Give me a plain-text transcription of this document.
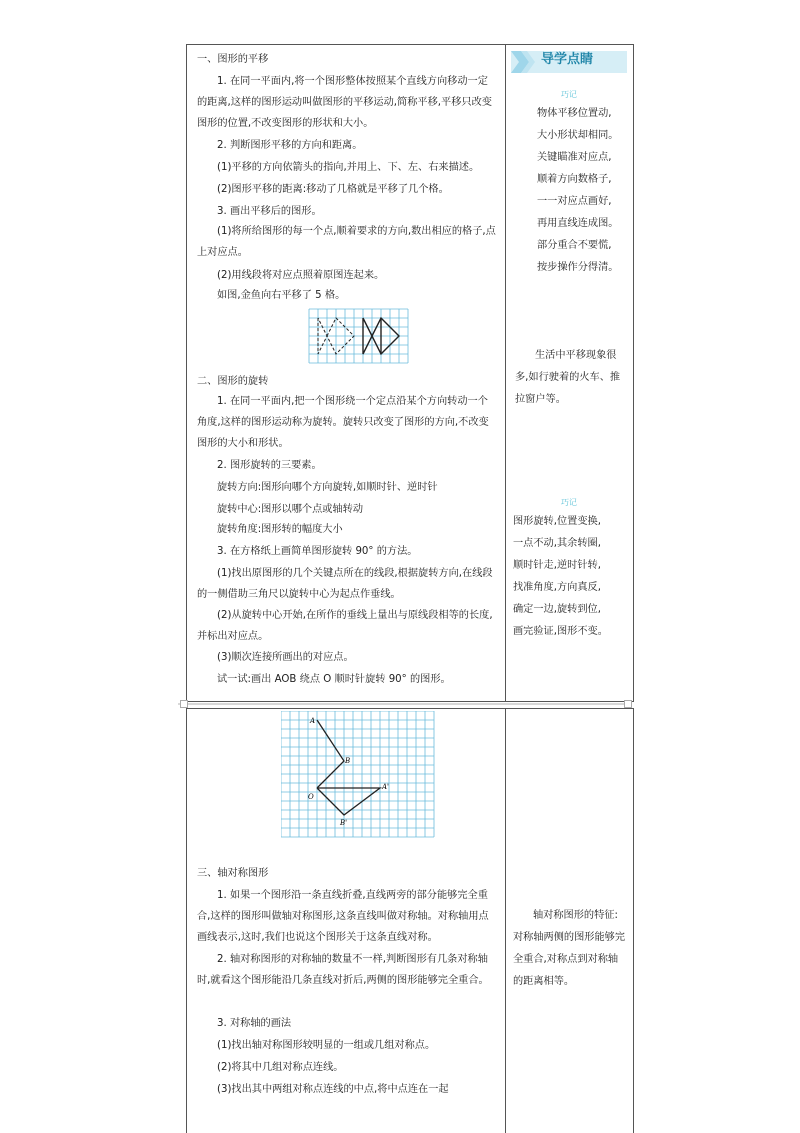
一、图形的平移

1. 在同一平面内,将一个图形整体按照某个直线方向移动一定的距离,这样的图形运动叫做图形的平移运动,简称平移,平移只改变图形的位置,不改变图形的形状和大小。

2. 判断图形平移的方向和距离。

(1)平移的方向依箭头的指向,并用上、下、左、右来描述。

(2)图形平移的距离:移动了几格就是平移了几个格。

3. 画出平移后的图形。

(1)将所给图形的每一个点,顺着要求的方向,数出相应的格子,点上对应点。

(2)用线段将对应点照着原图连起来。

如图,金鱼向右平移了 5 格。

二、图形的旋转

1. 在同一平面内,把一个图形绕一个定点沿某个方向转动一个角度,这样的图形运动称为旋转。旋转只改变了图形的方向,不改变图形的大小和形状。

2. 图形旋转的三要素。

旋转方向:图形向哪个方向旋转,如顺时针、逆时针

旋转中心:图形以哪个点或轴转动

旋转角度:图形转的幅度大小

3. 在方格纸上画简单图形旋转 90° 的方法。

(1)找出原图形的几个关键点所在的线段,根据旋转方向,在线段的一侧借助三角尺以旋转中心为起点作垂线。

(2)从旋转中心开始,在所作的垂线上量出与原线段相等的长度,并标出对应点。

(3)顺次连接所画出的对应点。

试一试:画出 AOB 绕点 O 顺时针旋转 90° 的图形。

导学点睛
巧记
物体平移位置动,
大小形状却相同。
关键瞄准对应点,
顺着方向数格子,
一一对应点画好,
再用直线连成图。
部分重合不要慌,
按步操作分得清。

生活中平移现象很多,如行驶着的火车、推拉窗户等。

巧记
图形旋转,位置变换,
一点不动,其余转圈,
顺时针走,逆时针转,
找准角度,方向真反,
确定一边,旋转到位,
画完验证,图形不变。
A
B
O
A'
B'

三、轴对称图形

1. 如果一个图形沿一条直线折叠,直线两旁的部分能够完全重合,这样的图形叫做轴对称图形,这条直线叫做对称轴。对称轴用点画线表示,这时,我们也说这个图形关于这条直线对称。

2. 轴对称图形的对称轴的数量不一样,判断图形有几条对称轴时,就看这个图形能沿几条直线对折后,两侧的图形能够完全重合。

3. 对称轴的画法

(1)找出轴对称图形较明显的一组或几组对称点。

(2)将其中几组对称点连线。

(3)找出其中两组对称点连线的中点,将中点连在一起

轴对称图形的特征:对称轴两侧的图形能够完全重合,对称点到对称轴的距离相等。
